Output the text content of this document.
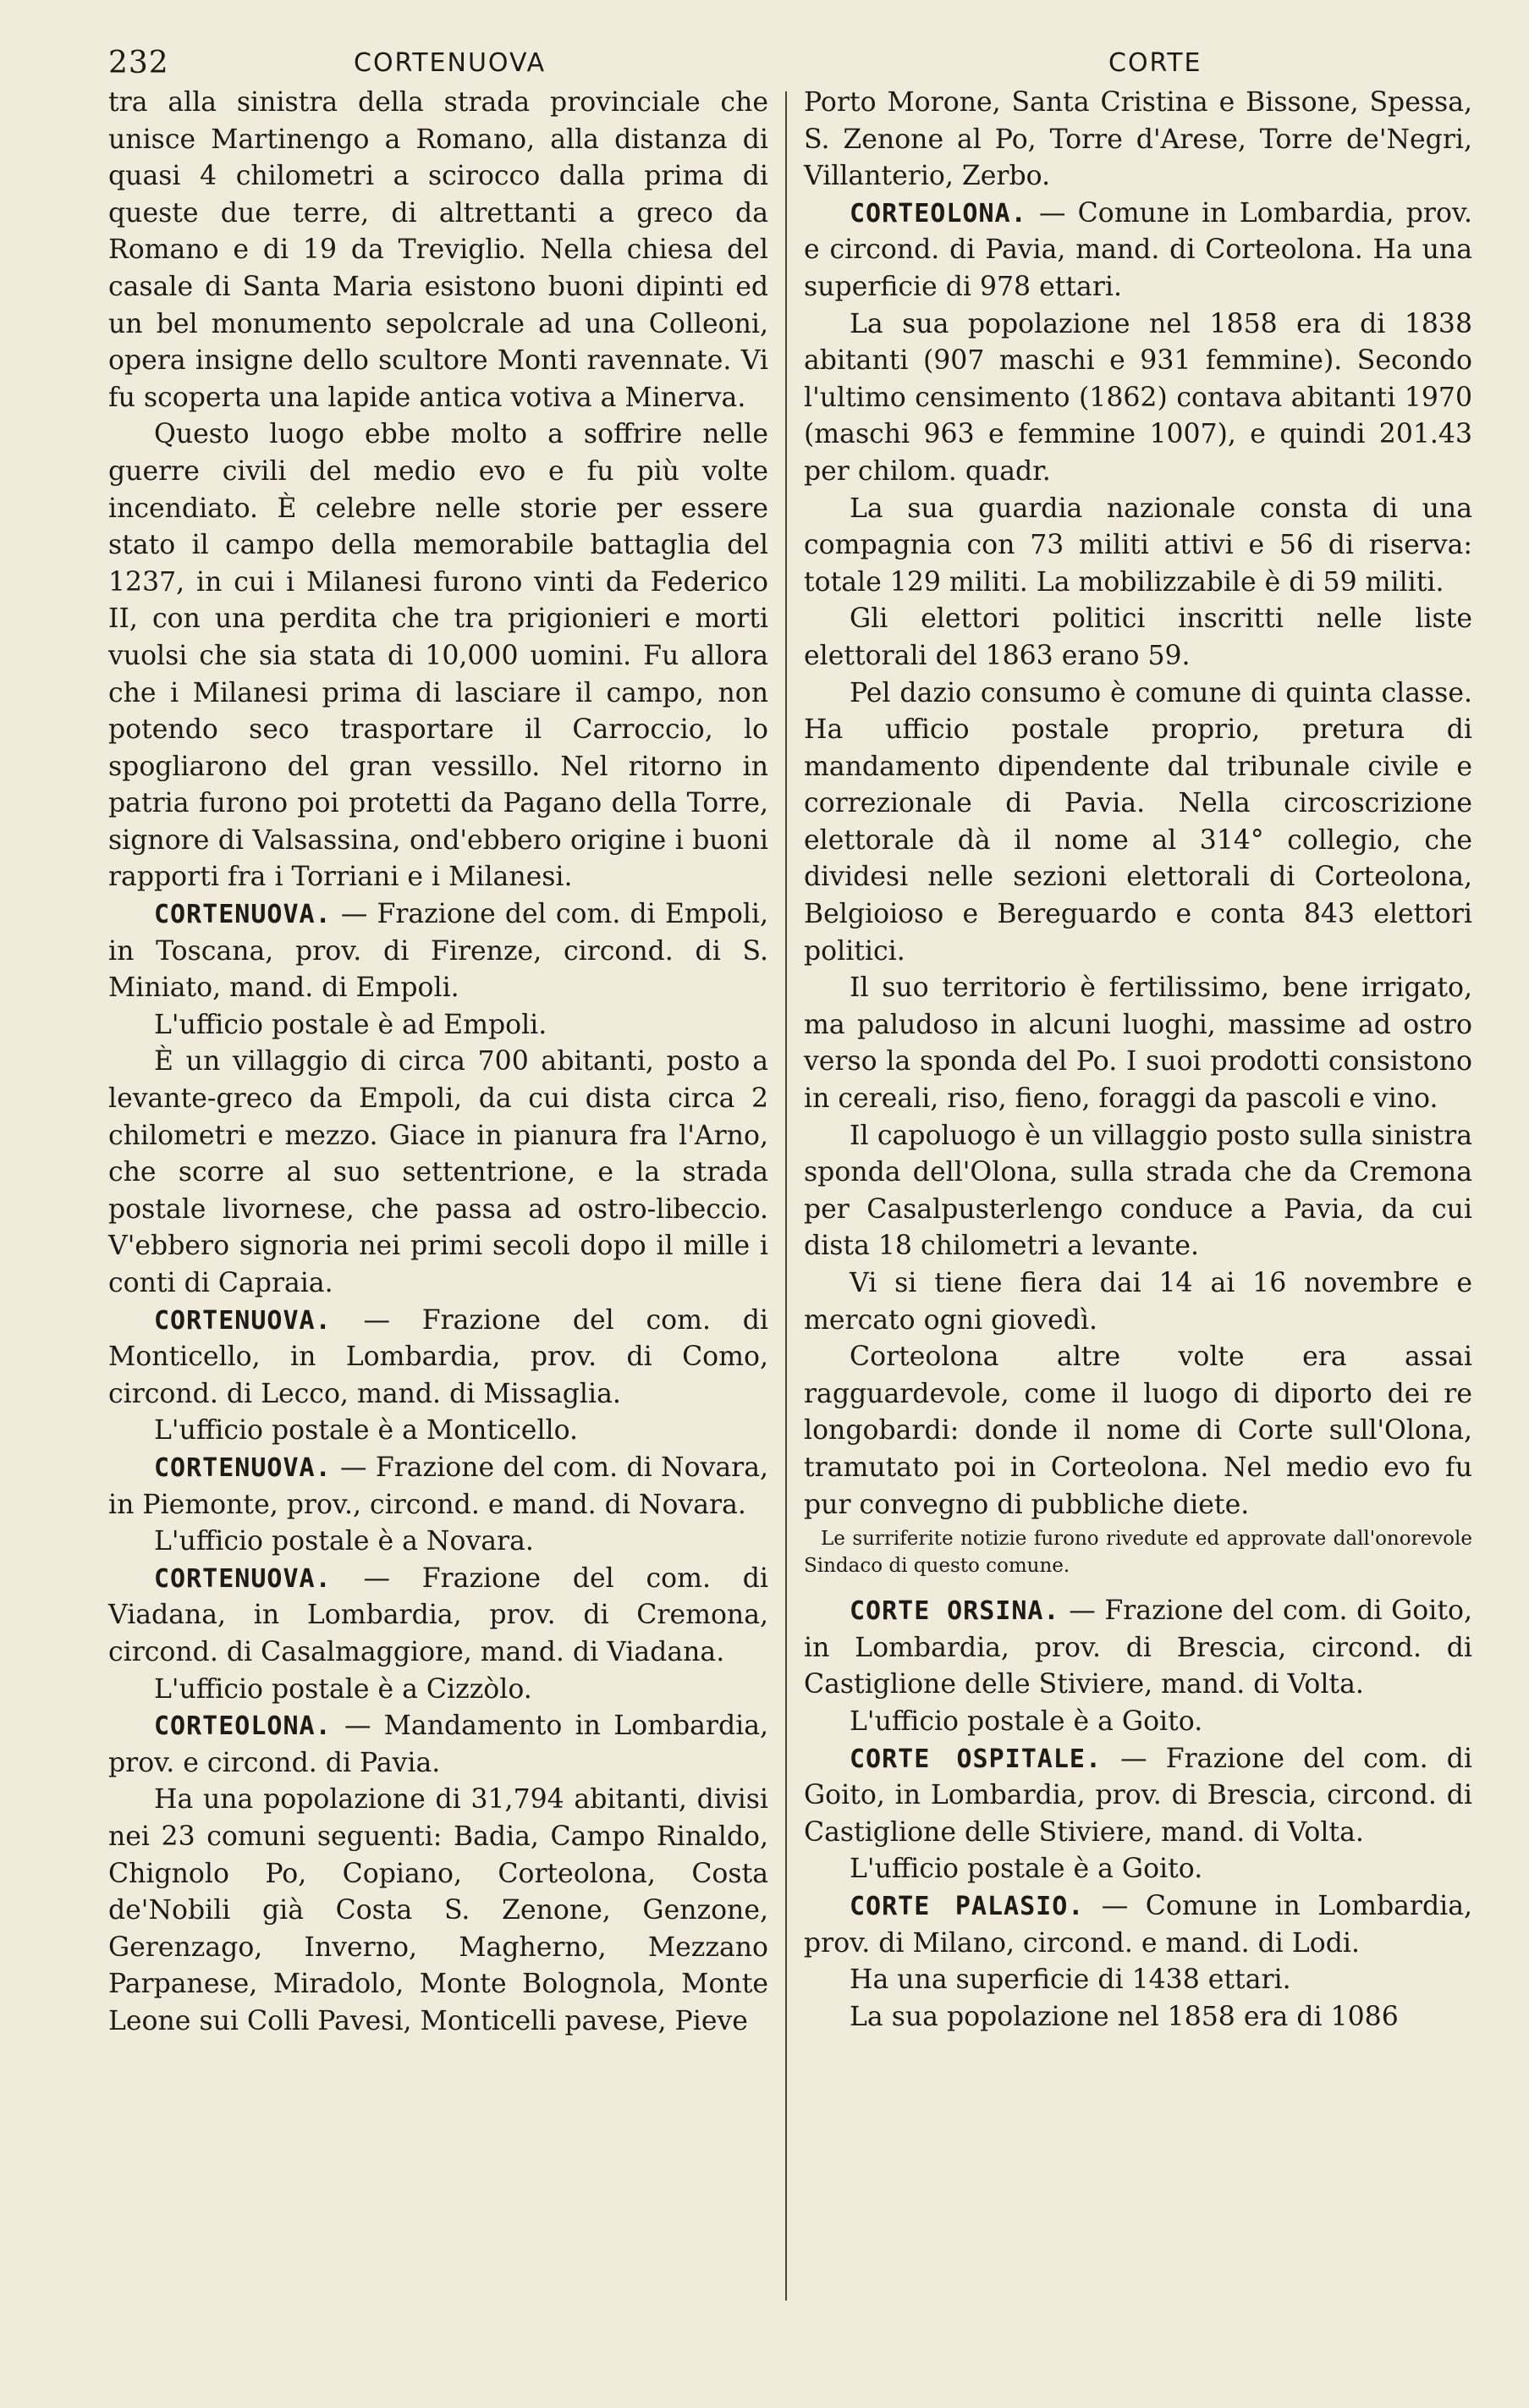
232	CORTENUOVA	CORTE

tra alla sinistra della strada provinciale che unisce Martinengo a Romano, alla distanza di quasi 4 chilometri a scirocco dalla prima di queste due terre, di altrettanti a greco da Romano e di 19 da Treviglio. Nella chiesa del casale di Santa Maria esistono buoni dipinti ed un bel monumento sepolcrale ad una Colleoni, opera insigne dello scultore Monti ravennate. Vi fu scoperta una lapide antica votiva a Minerva.

Questo luogo ebbe molto a soffrire nelle guerre civili del medio evo e fu più volte incendiato. È celebre nelle storie per essere stato il campo della memorabile battaglia del 1237, in cui i Milanesi furono vinti da Federico II, con una perdita che tra prigionieri e morti vuolsi che sia stata di 10,000 uomini. Fu allora che i Milanesi prima di lasciare il campo, non potendo seco trasportare il Carroccio, lo spogliarono del gran vessillo. Nel ritorno in patria furono poi protetti da Pagano della Torre, signore di Valsassina, ond'ebbero origine i buoni rapporti fra i Torriani e i Milanesi.

CORTENUOVA. — Frazione del com. di Empoli, in Toscana, prov. di Firenze, circond. di S. Miniato, mand. di Empoli.

L'ufficio postale è ad Empoli.

È un villaggio di circa 700 abitanti, posto a levante-greco da Empoli, da cui dista circa 2 chilometri e mezzo. Giace in pianura fra l'Arno, che scorre al suo settentrione, e la strada postale livornese, che passa ad ostro-libeccio. V'ebbero signoria nei primi secoli dopo il mille i conti di Capraia.

CORTENUOVA. — Frazione del com. di Monticello, in Lombardia, prov. di Como, circond. di Lecco, mand. di Missaglia.

L'ufficio postale è a Monticello.

CORTENUOVA. — Frazione del com. di Novara, in Piemonte, prov., circond. e mand. di Novara.

L'ufficio postale è a Novara.

CORTENUOVA. — Frazione del com. di Viadana, in Lombardia, prov. di Cremona, circond. di Casalmaggiore, mand. di Viadana.

L'ufficio postale è a Cizzòlo.

CORTEOLONA. — Mandamento in Lombardia, prov. e circond. di Pavia.

Ha una popolazione di 31,794 abitanti, divisi nei 23 comuni seguenti: Badia, Campo Rinaldo, Chignolo Po, Copiano, Corteolona, Costa de'Nobili già Costa S. Zenone, Genzone, Gerenzago, Inverno, Magherno, Mezzano Parpanese, Miradolo, Monte Bolognola, Monte Leone sui Colli Pavesi, Monticelli pavese, Pieve

Porto Morone, Santa Cristina e Bissone, Spessa, S. Zenone al Po, Torre d'Arese, Torre de'Negri, Villanterio, Zerbo.

CORTEOLONA. — Comune in Lombardia, prov. e circond. di Pavia, mand. di Corteolona. Ha una superficie di 978 ettari.

La sua popolazione nel 1858 era di 1838 abitanti (907 maschi e 931 femmine). Secondo l'ultimo censimento (1862) contava abitanti 1970 (maschi 963 e femmine 1007), e quindi 201.43 per chilom. quadr.

La sua guardia nazionale consta di una compagnia con 73 militi attivi e 56 di riserva: totale 129 militi. La mobilizzabile è di 59 militi.

Gli elettori politici inscritti nelle liste elettorali del 1863 erano 59.

Pel dazio consumo è comune di quinta classe. Ha ufficio postale proprio, pretura di mandamento dipendente dal tribunale civile e correzionale di Pavia. Nella circoscrizione elettorale dà il nome al 314° collegio, che dividesi nelle sezioni elettorali di Corteolona, Belgioioso e Bereguardo e conta 843 elettori politici.

Il suo territorio è fertilissimo, bene irrigato, ma paludoso in alcuni luoghi, massime ad ostro verso la sponda del Po. I suoi prodotti consistono in cereali, riso, fieno, foraggi da pascoli e vino.

Il capoluogo è un villaggio posto sulla sinistra sponda dell'Olona, sulla strada che da Cremona per Casalpusterlengo conduce a Pavia, da cui dista 18 chilometri a levante.

Vi si tiene fiera dai 14 ai 16 novembre e mercato ogni giovedì.

Corteolona altre volte era assai ragguardevole, come il luogo di diporto dei re longobardi: donde il nome di Corte sull'Olona, tramutato poi in Corteolona. Nel medio evo fu pur convegno di pubbliche diete.

Le surriferite notizie furono rivedute ed approvate dall'onorevole Sindaco di questo comune.

CORTE ORSINA. — Frazione del com. di Goito, in Lombardia, prov. di Brescia, circond. di Castiglione delle Stiviere, mand. di Volta.

L'ufficio postale è a Goito.

CORTE OSPITALE. — Frazione del com. di Goito, in Lombardia, prov. di Brescia, circond. di Castiglione delle Stiviere, mand. di Volta.

L'ufficio postale è a Goito.

CORTE PALASIO. — Comune in Lombardia, prov. di Milano, circond. e mand. di Lodi.

Ha una superficie di 1438 ettari.

La sua popolazione nel 1858 era di 1086
